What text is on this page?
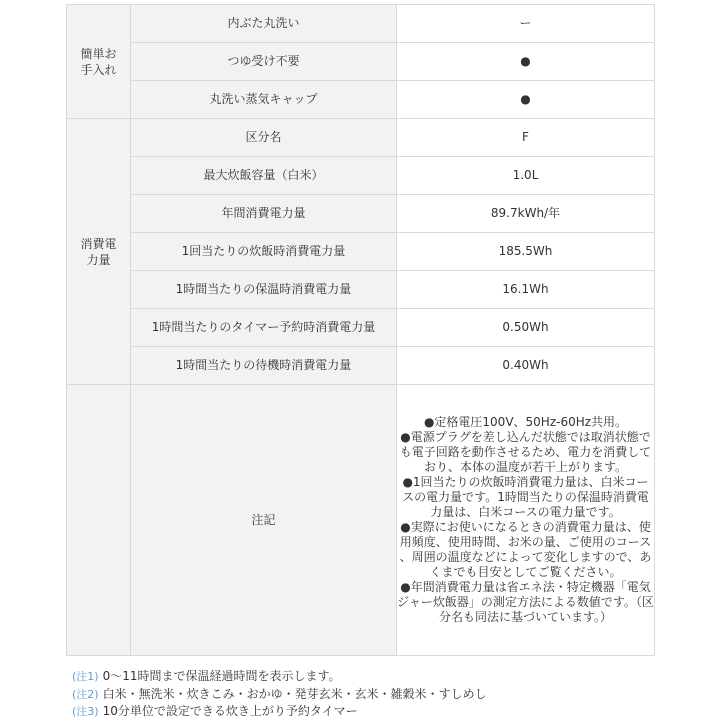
簡単お手入れ	内ぶた丸洗い	ー
	つゆ受け不要	●
	丸洗い蒸気キャップ	●
消費電力量	区分名	F
	最大炊飯容量（白米）	1.0L
	年間消費電力量	89.7kWh/年
	1回当たりの炊飯時消費電力量	185.5Wh
	1時間当たりの保温時消費電力量	16.1Wh
	1時間当たりのタイマー予約時消費電力量	0.50Wh
	1時間当たりの待機時消費電力量	0.40Wh
	注記	●定格電圧100V、50Hz-60Hz共用。
●電源プラグを差し込んだ状態では取消状態でも電子回路を動作させるため、電力を消費しており、本体の温度が若干上がります。
●1回当たりの炊飯時消費電力量は、白米コースの電力量です。1時間当たりの保温時消費電力量は、白米コースの電力量です。
●実際にお使いになるときの消費電力量は、使用頻度、使用時間、お米の量、ご使用のコース、周囲の温度などによって変化しますので、あくまでも目安としてご覧ください。
●年間消費電力量は省エネ法・特定機器「電気ジャー炊飯器」の測定方法による数値です。（区分名も同法に基づいています。）
(注1) 0～11時間まで保温経過時間を表示します。
(注2) 白米・無洗米・炊きこみ・おかゆ・発芽玄米・玄米・雑穀米・すしめし
(注3) 10分単位で設定できる炊き上がり予約タイマー
